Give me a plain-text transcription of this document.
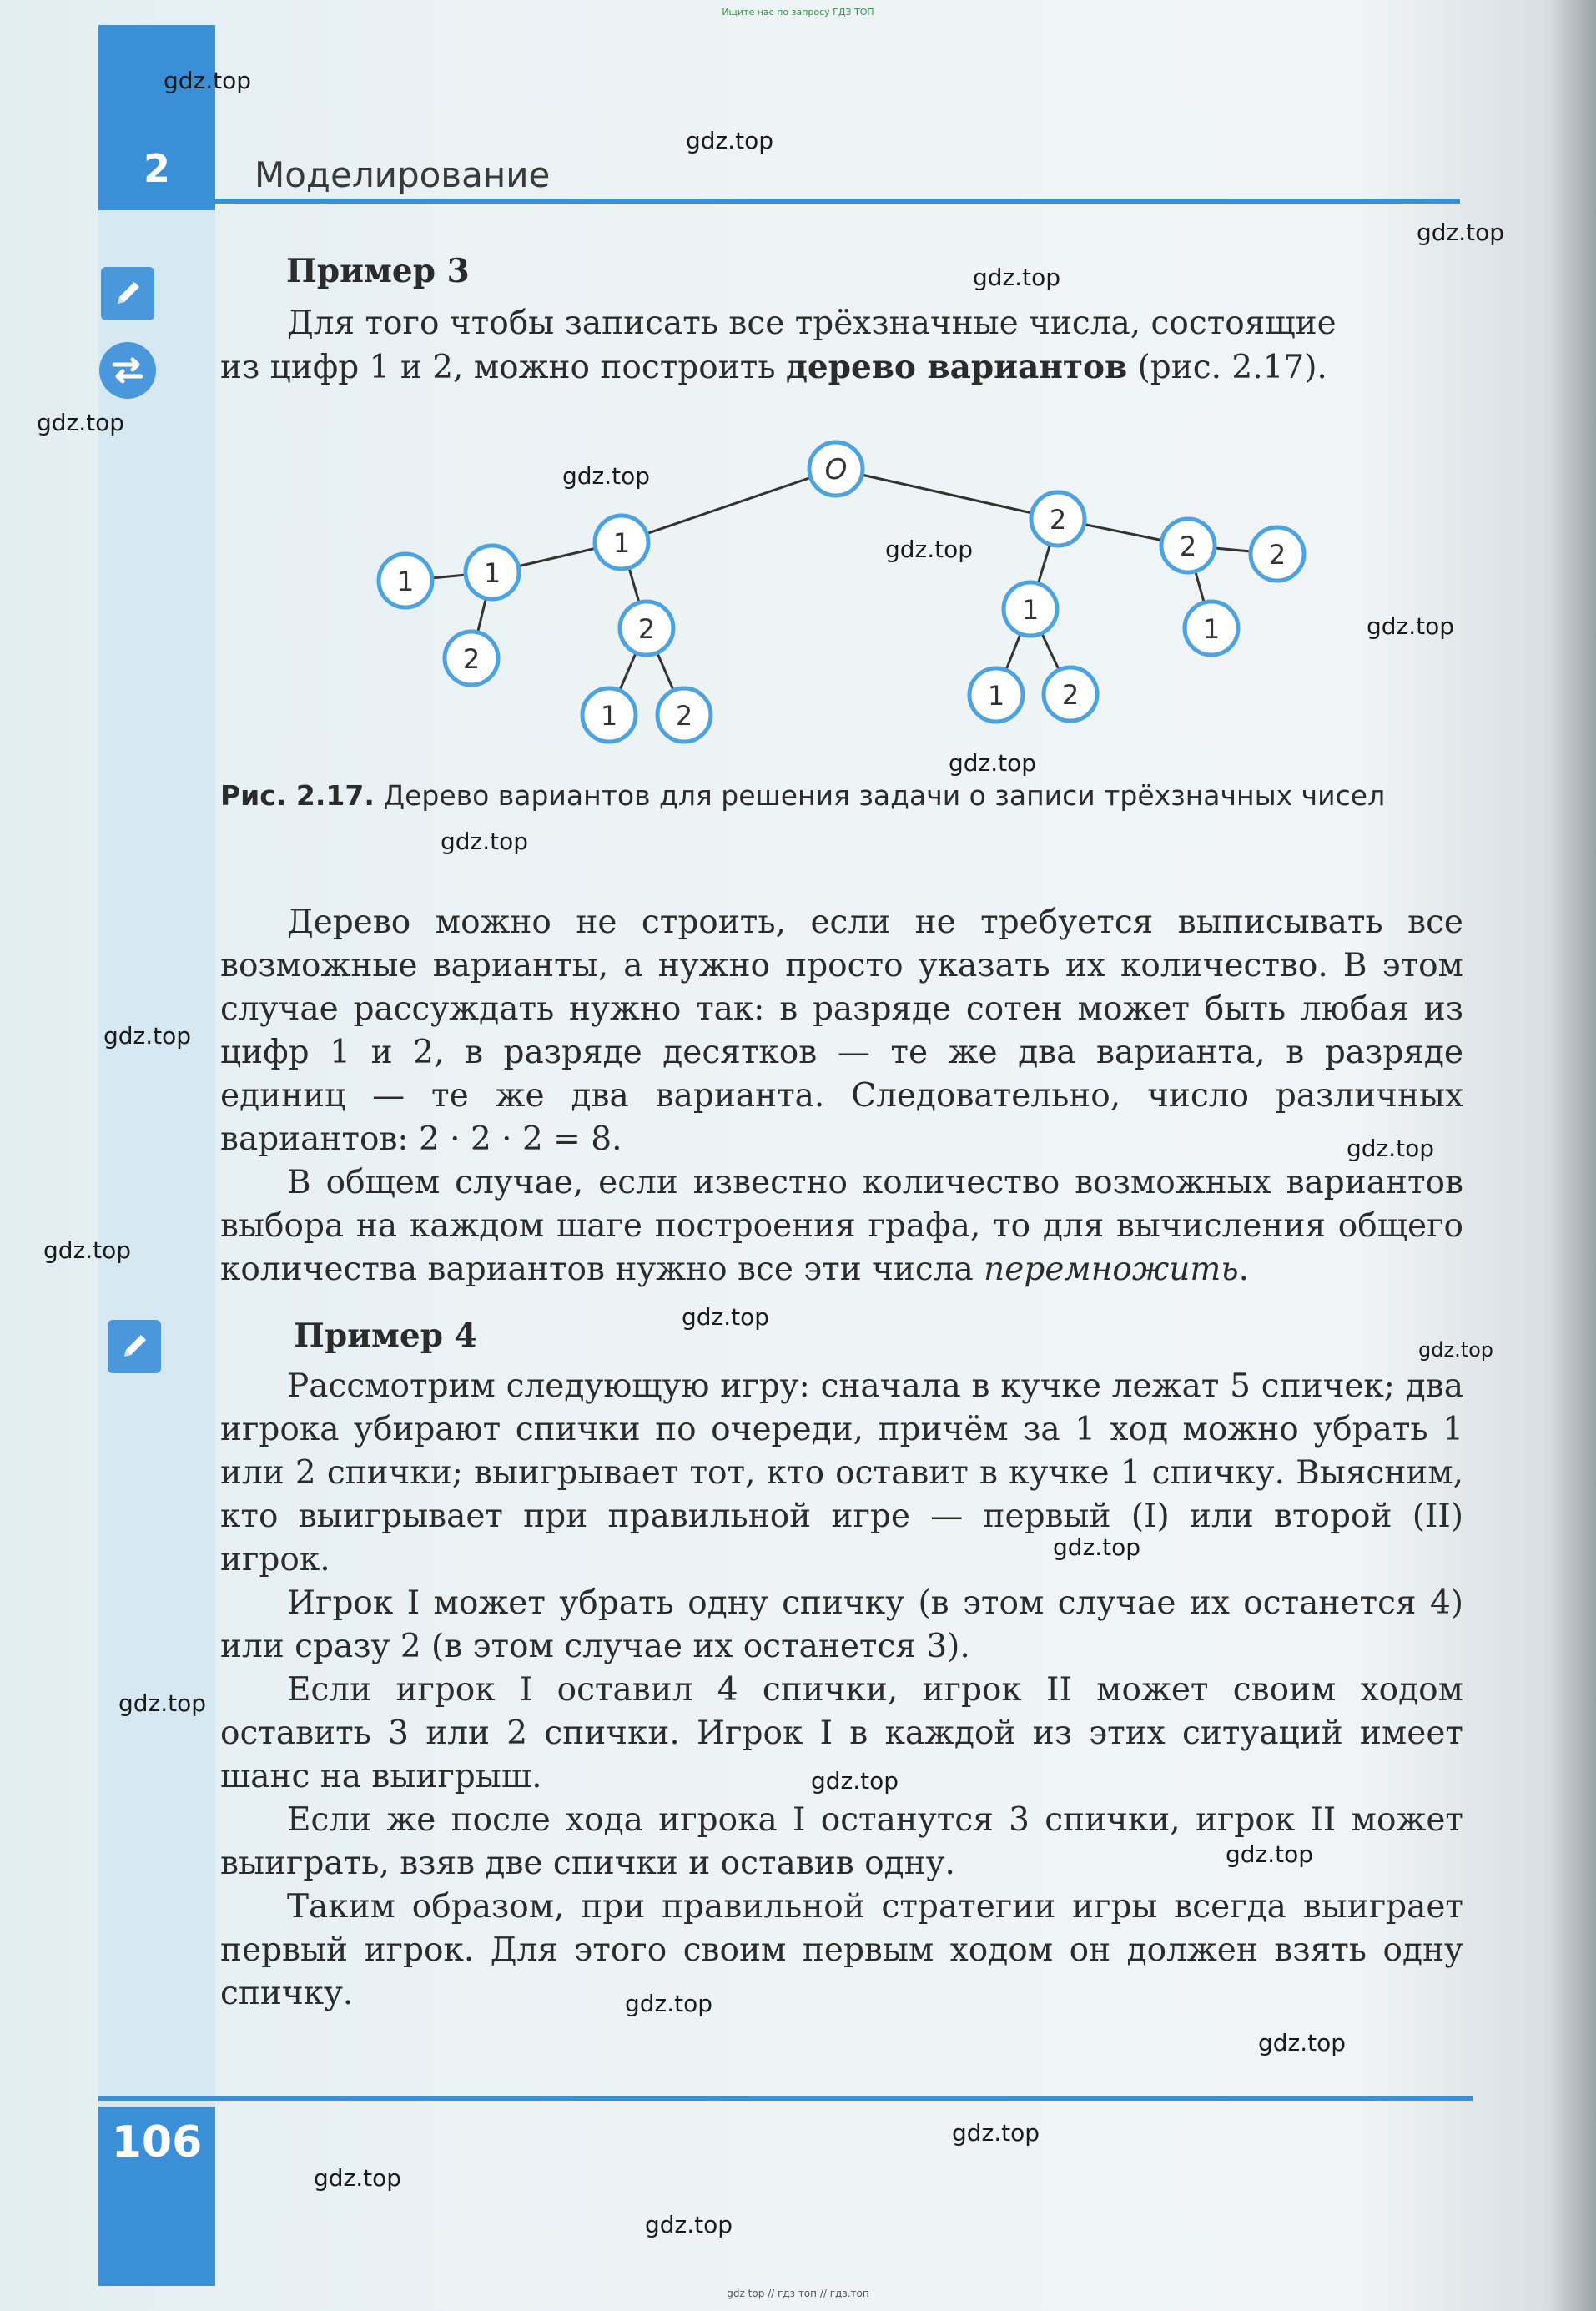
Ищите нас по запросу ГДЗ ТОП
2	Моделирование
Пример 3
Для того чтобы записать все трёхзначные числа, состоящие
из цифр 1 и 2, можно построить дерево вариантов (рис. 2.17).
O
1
2
1
2
1
2
1
2
1 2
1 2
1
2
Рис. 2.17. Дерево вариантов для решения задачи о записи трёхзначных чисел
Дерево можно не строить, если не требуется выписывать все возможные варианты, а нужно просто указать их количество. В этом случае рассуждать нужно так: в разряде сотен может быть любая из цифр 1 и 2, в разряде десятков — те же два варианта, в разряде единиц — те же два варианта. Следовательно, число различных вариантов: 2 · 2 · 2 = 8.
В общем случае, если известно количество возможных вариантов выбора на каждом шаге построения графа, то для вычисления общего количества вариантов нужно все эти числа перемножить.
Пример 4
Рассмотрим следующую игру: сначала в кучке лежат 5 спичек; два игрока убирают спички по очереди, причём за 1 ход можно убрать 1 или 2 спички; выигрывает тот, кто оставит в кучке 1 спичку. Выясним, кто выигрывает при правильной игре — первый (I) или второй (II) игрок.
Игрок I может убрать одну спичку (в этом случае их останется 4) или сразу 2 (в этом случае их останется 3).
Если игрок I оставил 4 спички, игрок II может своим ходом оставить 3 или 2 спички. Игрок I в каждой из этих ситуаций имеет шанс на выигрыш.
Если же после хода игрока I останутся 3 спички, игрок II может выиграть, взяв две спички и оставив одну.
Таким образом, при правильной стратегии игры всегда выиграет первый игрок. Для этого своим первым ходом он должен взять одну спичку.
106
gdz.top
gdz.top
gdz.top
gdz.top
gdz.top
gdz.top
gdz.top
gdz.top
gdz.top
gdz.top
gdz.top
gdz.top
gdz.top
gdz.top
gdz.top
gdz.top
gdz.top
gdz.top
gdz.top
gdz.top
gdz.top
gdz.top
gdz.top
gdz.top
gdz top // гдз топ // гдз.топ
